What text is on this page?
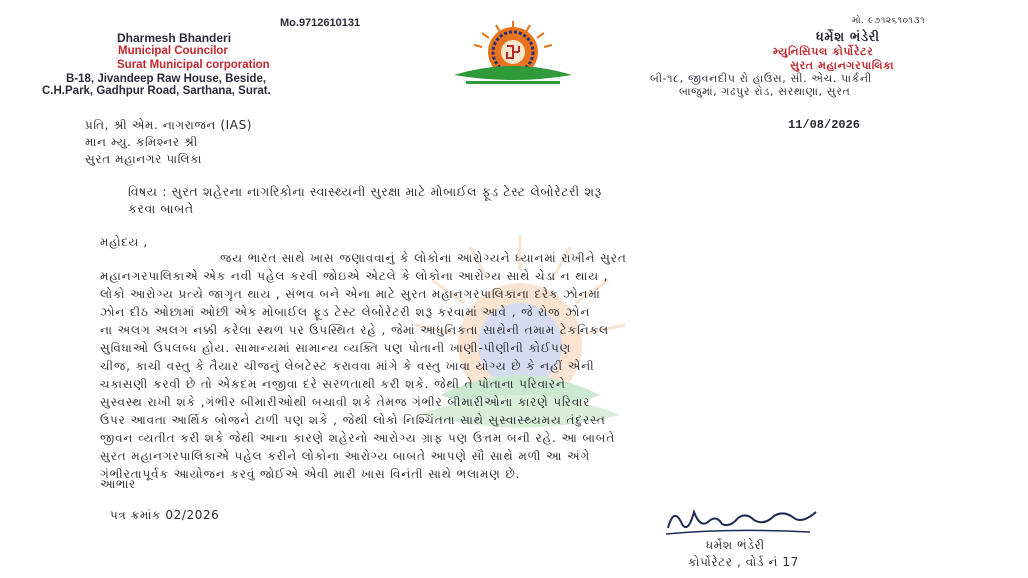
Mo.9712610131
Dharmesh Bhanderi
Municipal Councilor
Surat Municipal corporation
B-18, Jivandeep Raw House, Beside,
C.H.Park, Gadhpur Road, Sarthana, Surat.
મો. ૯૭૧૨૬૧૦૧૩૧
ધર્મેશ ભંડેરી
મ્યુનિસિપલ કોર્પોરેટર
સુરત મહાનગરપાલિકા
બી-૧૮, જીવનદીપ રો હાઉસ, સી. એચ. પાર્કની
બાજુમાં, ગઢપુર રોડ, સરથાણા, સુરત
પ્રતિ, શ્રી એમ. નાગરાજન (IAS)	11/08/2026
માન મ્યુ. કમિશ્નર શ્રી
સુરત મહાનગર પાલિકા
વિષય : સુરત શહેરના નાગરિકોના સ્વાસ્થ્યની સુરક્ષા માટે મોબાઈલ ફૂડ ટેસ્ટ લેબોરેટરી શરૂ
કરવા બાબતે
મહોદય ,
જય ભારત સાથે ખાસ જણાવવાનું કે લોકોના આરોગ્યને ધ્યાનમાં રાખીને સુરત
મહાનગરપાલિકાએ એક નવી પહેલ કરવી જોઇએ એટલે કે લોકોના આરોગ્ય સાથે ચેડા ન થાય ,
લોકો આરોગ્ય પ્રત્યે જાગૃત થાય , સંભવ બને એના માટે સુરત મહાનગરપાલિકાના દરેક ઝોનમાં
ઝોન દીઠ ઓછામાં ઓછી એક મોબાઈલ ફૂડ ટેસ્ટ લેબોરેટરી શરૂ કરવામાં આવે , જે રોજ ઝોન
ના અલગ અલગ નક્કી કરેલા સ્થળ પર ઉપસ્થિત રહે , જેમાં આધુનિકતા સાથેની તમામ ટેકનિકલ
સુવિધાઓ ઉપલબ્ધ હોય. સામાન્યમાં સામાન્ય વ્યક્તિ પણ પોતાની ખાણી-પીણીની કોઈપણ
ચીજ, કાચી વસ્તુ કે તૈયાર ચીજનું લેબટેસ્ટ કરાવવા માંગે કે વસ્તુ ખાવા યોગ્ય છે કે નહીં એની
ચકાસણી કરવી છે તો એકદમ નજીવા દરે સરળતાથી કરી શકે. જેથી તે પોતાના પરિવારને
સુસ્વસ્થ રાખી શકે ,ગંભીર બીમારીઓથી બચાવી શકે તેમજ ગંભીર બીમારીઓના કારણે પરિવાર
ઉપર આવતા આર્થિક બોજને ટાળી પણ શકે , જેથી લોકો નિશ્ચિંતતા સાથે સુસ્વાસ્થ્યમય તંદુરસ્ત
જીવન વ્યતીત કરી શકે જેથી આના કારણે શહેરનો આરોગ્ય ગ્રાફ પણ ઉત્તમ બની રહે. આ બાબતે
સુરત મહાનગરપાલિકાએ પહેલ કરીને લોકોના આરોગ્ય બાબતે આપણે સૌ સાથે મળી આ અંગે
ગંભીરતાપૂર્વક આયોજન કરવું જોઈએ એવી મારી ખાસ વિનંતી સાથે ભલામણ છે.
આભાર
પત્ર ક્રમાંક 02/2026
ધર્મેશ ભંડેરી
કોર્પોરેટર , વોર્ડ નં 17
